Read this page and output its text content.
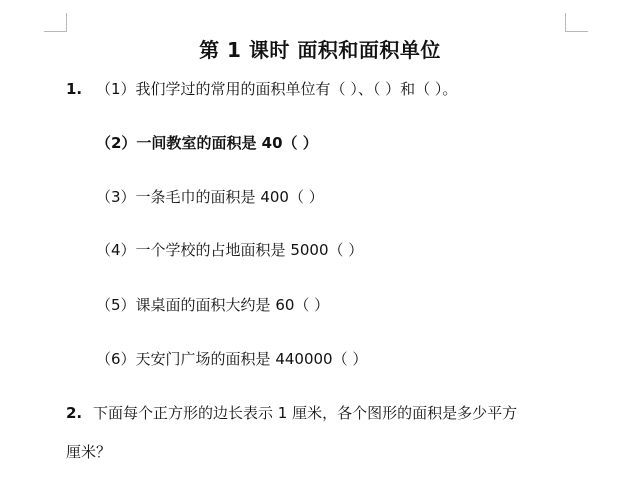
第 1 课时 面积和面积单位
1. （1）我们学过的常用的面积单位有（ ）、（ ）和（ ）。
（2）一间教室的面积是 40（ ）
（3）一条毛巾的面积是 400（ ）
（4）一个学校的占地面积是 5000（ ）
（5）课桌面的面积大约是 60（ ）
（6）天安门广场的面积是 440000（ ）
2. 下面每个正方形的边长表示 1 厘米，各个图形的面积是多少平方
厘米？
